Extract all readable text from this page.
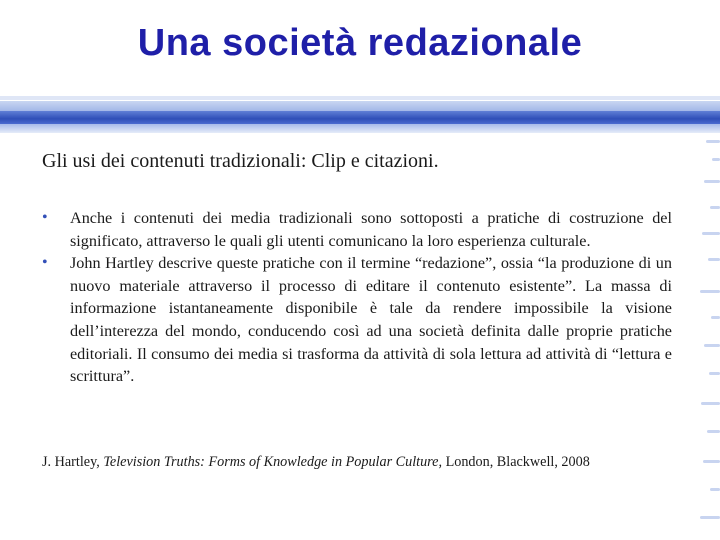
Una società redazionale

Gli usi dei contenuti tradizionali: Clip e citazioni.

• Anche i contenuti dei media tradizionali sono sottoposti a pratiche di costruzione del significato, attraverso le quali gli utenti comunicano la loro esperienza culturale.
• John Hartley descrive queste pratiche con il termine “redazione”, ossia “la produzione di un nuovo materiale attraverso il processo di editare il contenuto esistente”. La massa di informazione istantaneamente disponibile è tale da rendere impossibile la visione dell’interezza del mondo, conducendo così ad una società definita dalle proprie pratiche editoriali. Il consumo dei media si trasforma da attività di sola lettura ad attività di “lettura e scrittura”.

J. Hartley, Television Truths: Forms of Knowledge in Popular Culture, London, Blackwell, 2008
